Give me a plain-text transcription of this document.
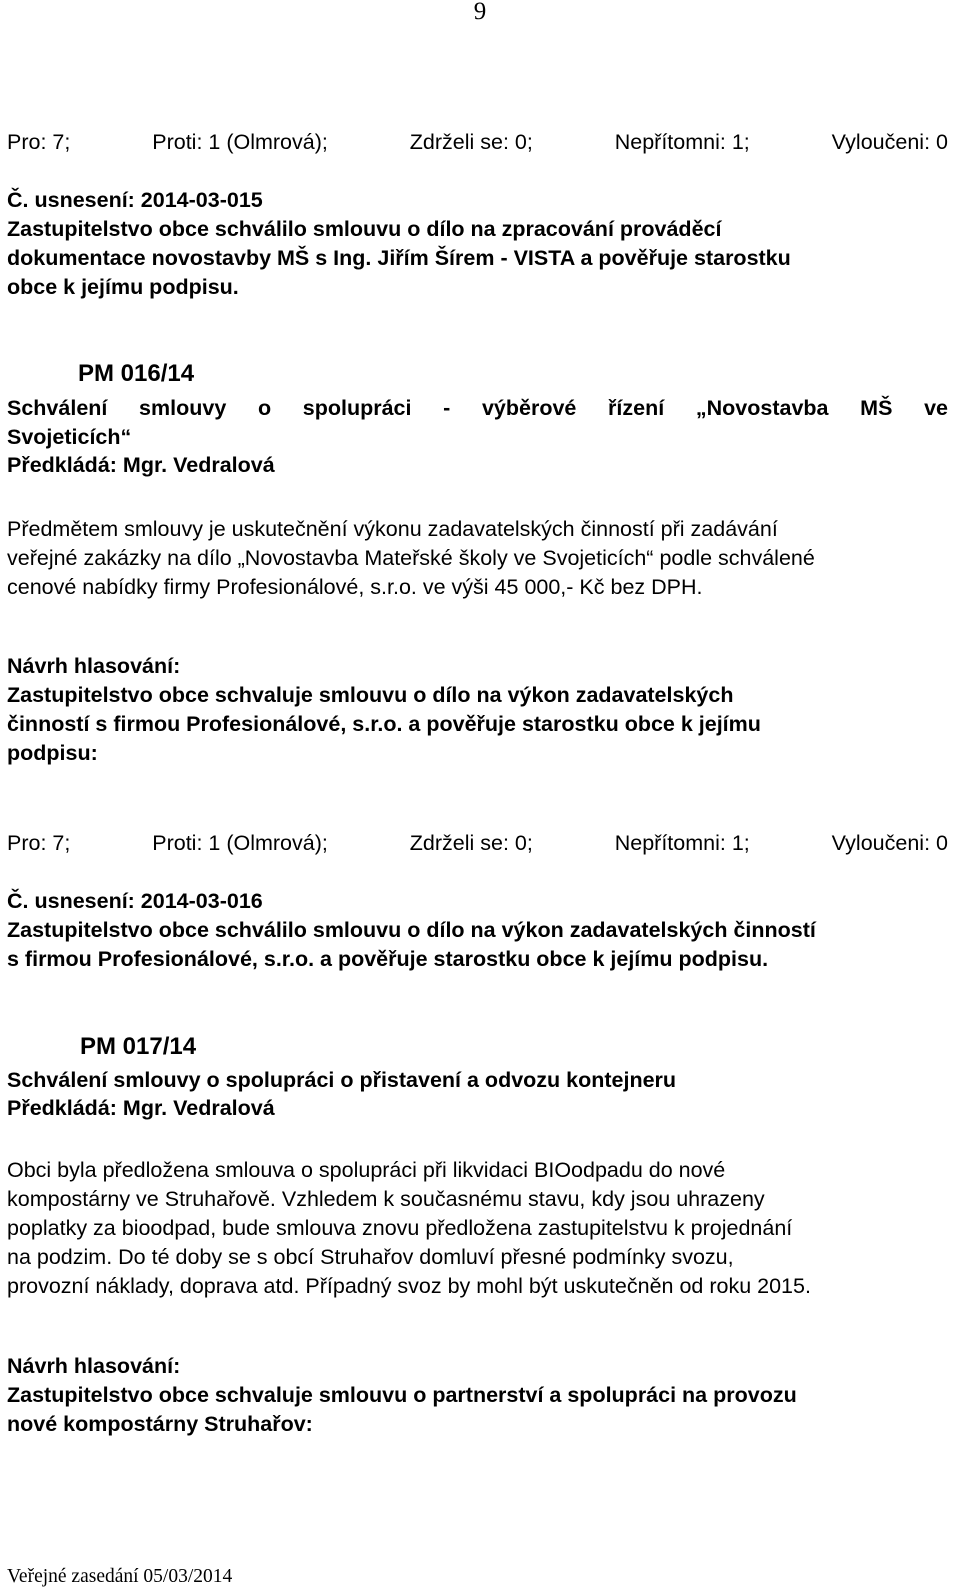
9
Pro: 7;	Proti: 1 (Olmrová);	Zdrželi se: 0;	Nepřítomni: 1;	Vyloučeni: 0
Č. usnesení: 2014-03-015
Zastupitelstvo obce schválilo smlouvu o dílo na zpracování prováděcí
dokumentace novostavby MŠ s Ing. Jiřím Šírem - VISTA a pověřuje starostku
obce k jejímu podpisu.
PM 016/14
Schválení smlouvy o spolupráci - výběrové řízení „Novostavba MŠ ve
Svojeticích“
Předkládá: Mgr. Vedralová
Předmětem smlouvy je uskutečnění výkonu zadavatelských činností při zadávání
veřejné zakázky na dílo „Novostavba Mateřské školy ve Svojeticích“ podle schválené
cenové nabídky firmy Profesionálové, s.r.o. ve výši 45 000,- Kč bez DPH.
Návrh hlasování:
Zastupitelstvo obce schvaluje smlouvu o dílo na výkon zadavatelských
činností s firmou Profesionálové, s.r.o. a pověřuje starostku obce k jejímu
podpisu:
Pro: 7;	Proti: 1 (Olmrová);	Zdrželi se: 0;	Nepřítomni: 1;	Vyloučeni: 0
Č. usnesení: 2014-03-016
Zastupitelstvo obce schválilo smlouvu o dílo na výkon zadavatelských činností
s firmou Profesionálové, s.r.o. a pověřuje starostku obce k jejímu podpisu.
PM 017/14
Schválení smlouvy o spolupráci o přistavení a odvozu kontejneru
Předkládá: Mgr. Vedralová
Obci byla předložena smlouva o spolupráci při likvidaci BIOodpadu do nové
kompostárny ve Struhařově. Vzhledem k současnému stavu, kdy jsou uhrazeny
poplatky za bioodpad, bude smlouva znovu předložena zastupitelstvu k projednání
na podzim. Do té doby se s obcí Struhařov domluví přesné podmínky svozu,
provozní náklady, doprava atd. Případný svoz by mohl být uskutečněn od roku 2015.
Návrh hlasování:
Zastupitelstvo obce schvaluje smlouvu o partnerství a spolupráci na provozu
nové kompostárny Struhařov:
Veřejné zasedání 05/03/2014
